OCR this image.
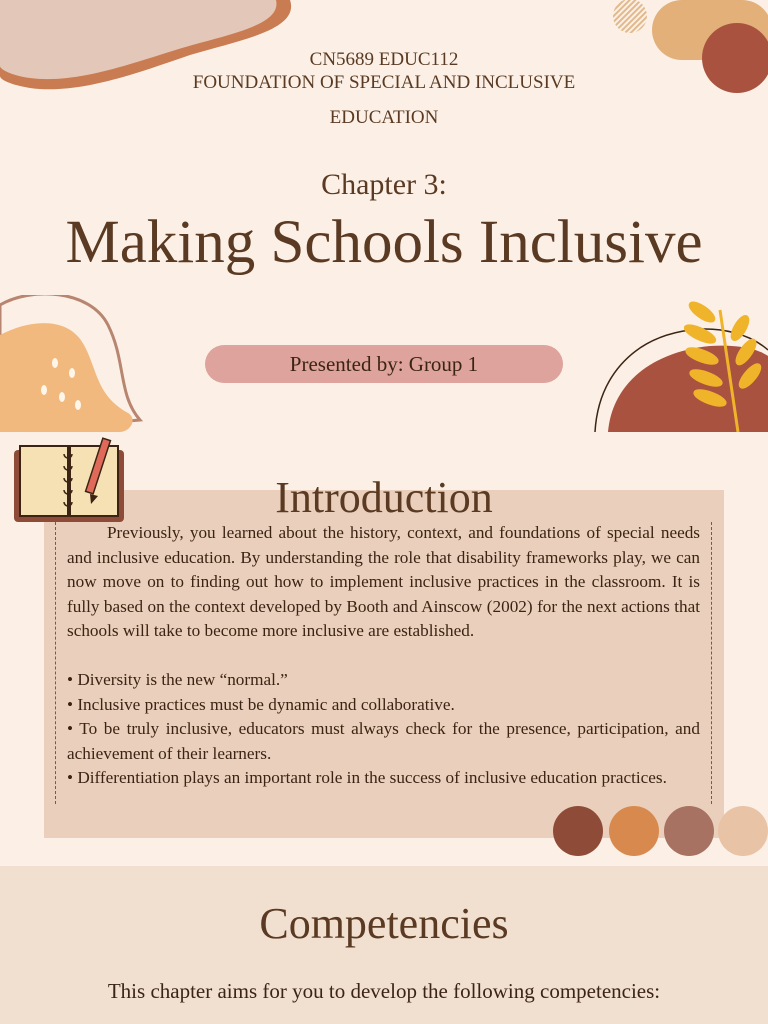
CN5689 EDUC112
FOUNDATION OF SPECIAL AND INCLUSIVE
EDUCATION
Chapter 3:
Making Schools Inclusive
Presented by: Group 1
Introduction

Previously, you learned about the history, context, and foundations of special needs and inclusive education. By understanding the role that disability frameworks play, we can now move on to finding out how to implement inclusive practices in the classroom. It is fully based on the context developed by Booth and Ainscow (2002) for the next actions that schools will take to become more inclusive are established.

• Diversity is the new “normal.”
• Inclusive practices must be dynamic and collaborative.
• To be truly inclusive, educators must always check for the presence, participation, and achievement of their learners.
• Differentiation plays an important role in the success of inclusive education practices.
Competencies
This chapter aims for you to develop the following competencies:
